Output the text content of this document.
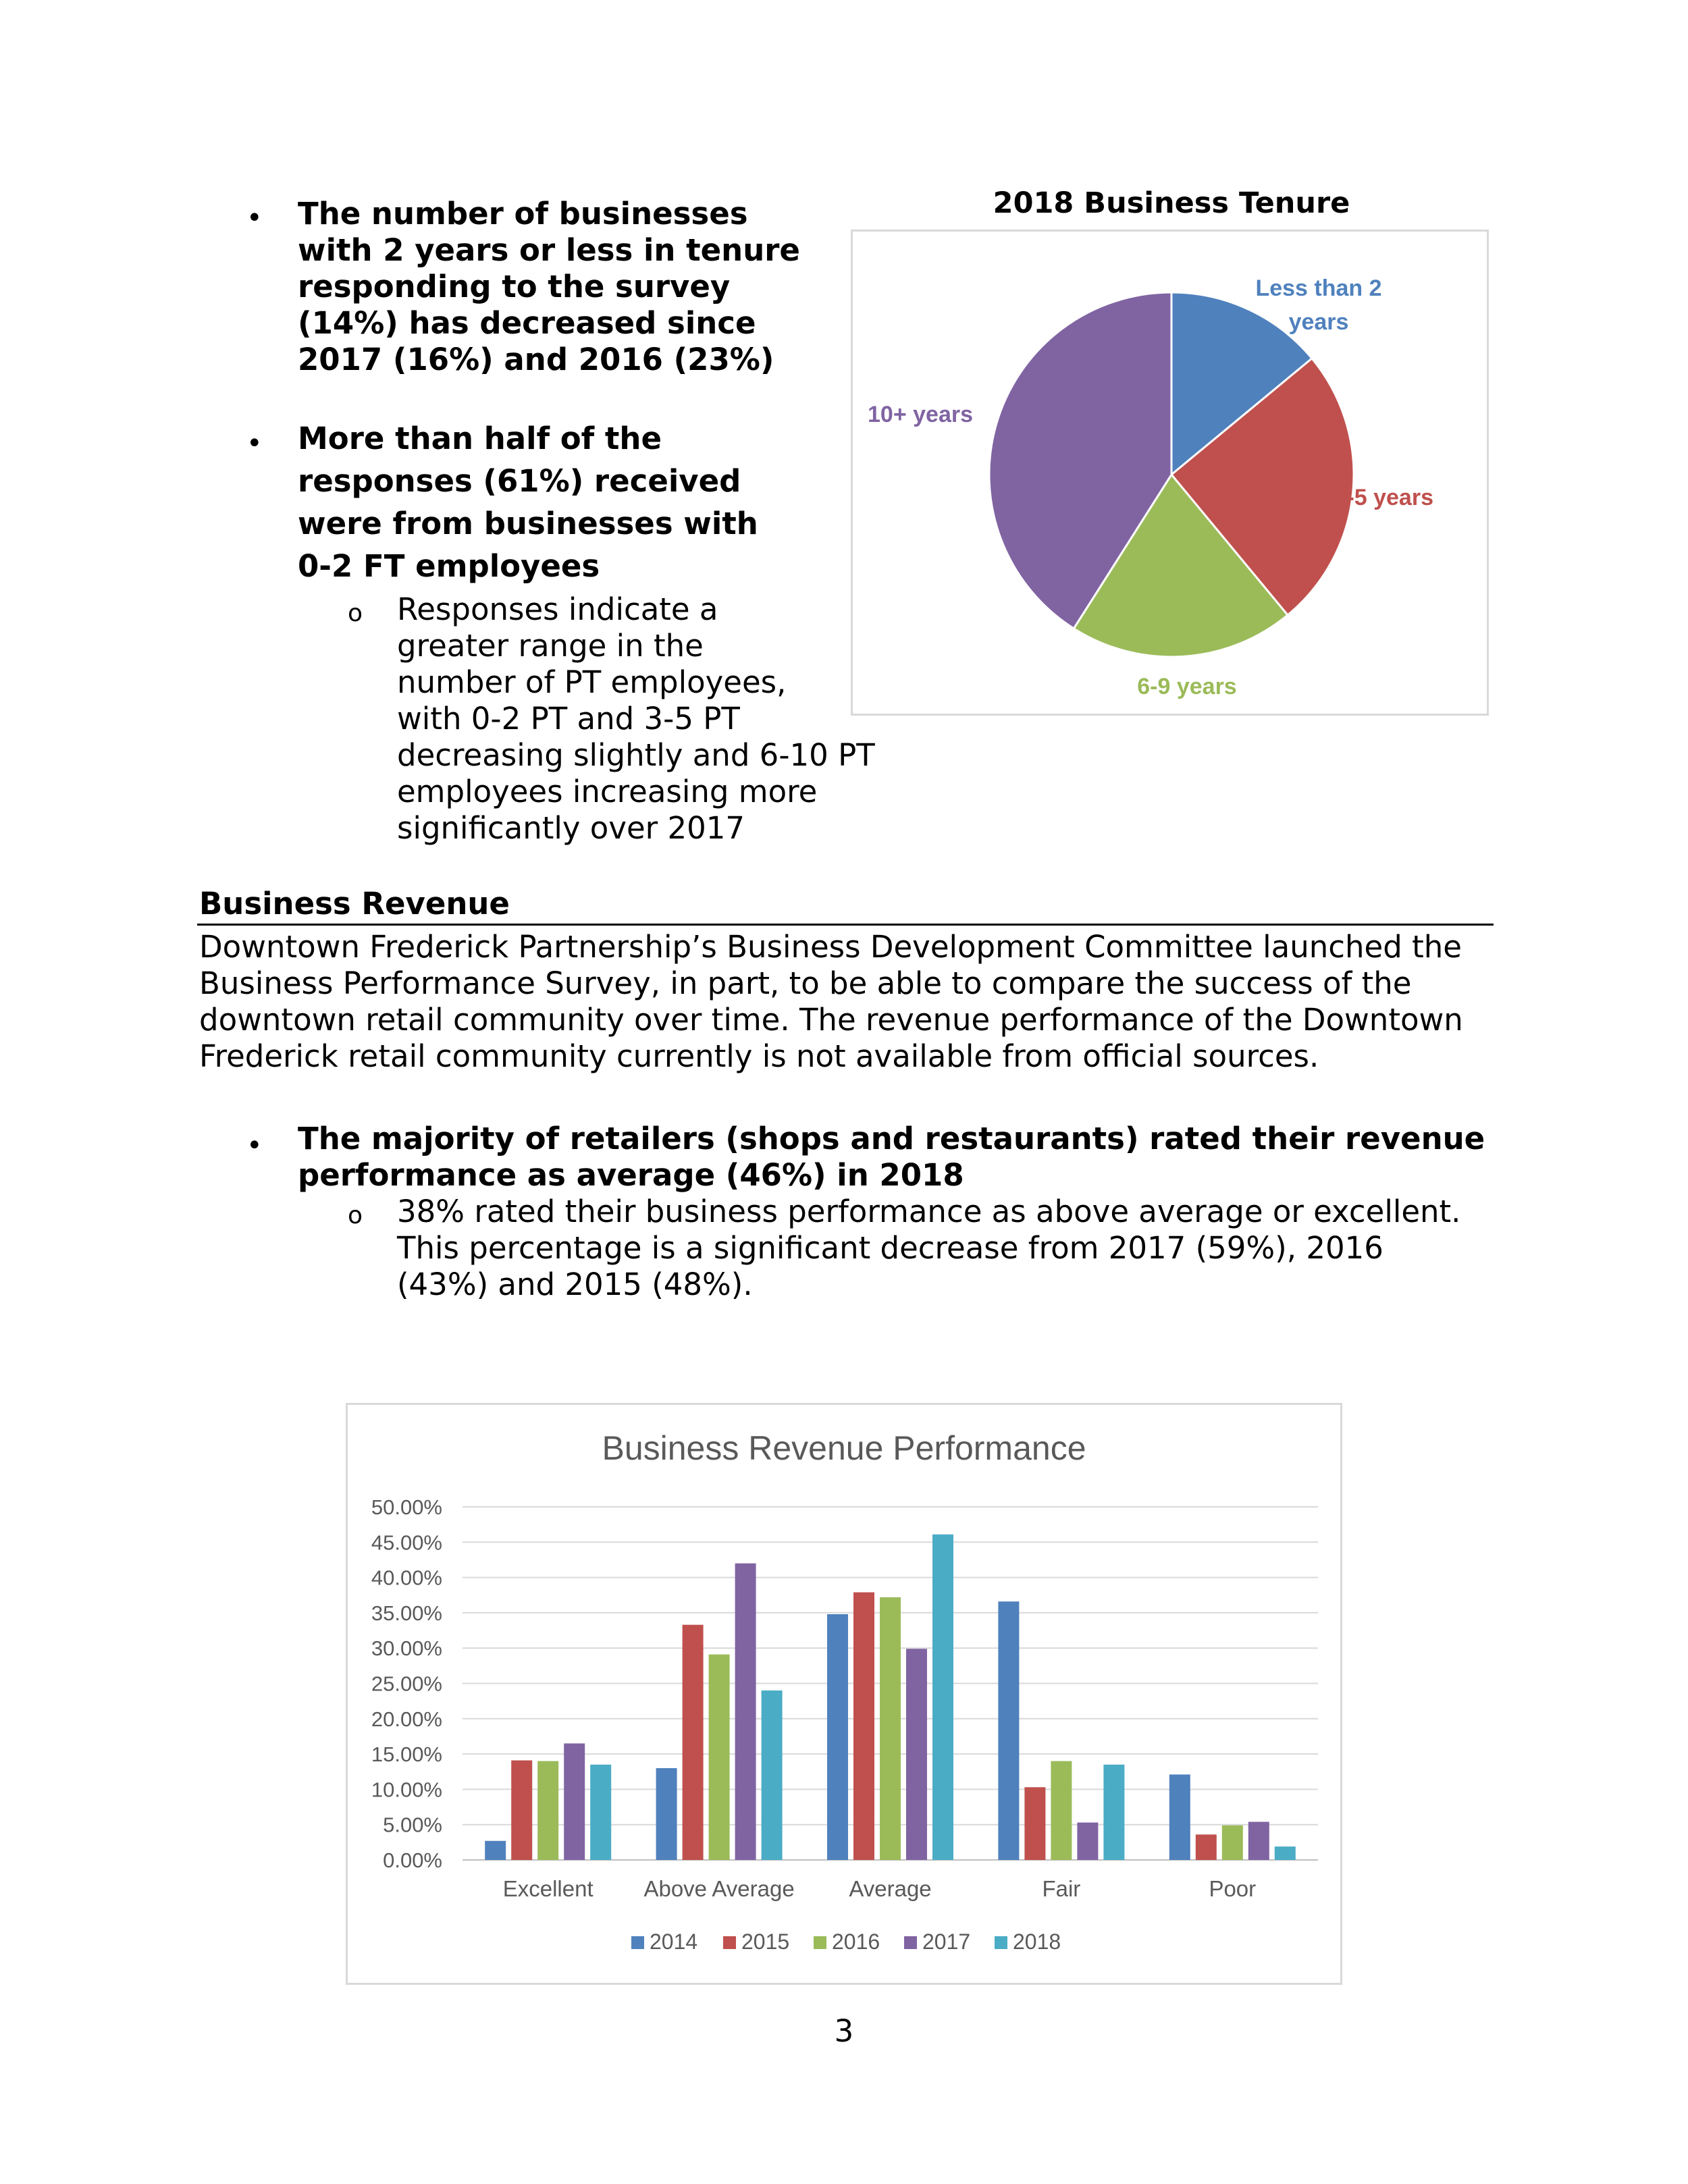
• The number of businesses
with 2 years or less in tenure
responding to the survey
(14%) has decreased since
2017 (16%) and 2016 (23%)
• More than half of the
responses (61%) received
were from businesses with
0-2 FT employees
o Responses indicate a
greater range in the
number of PT employees,
with 0-2 PT and 3-5 PT
decreasing slightly and 6-10 PT
employees increasing more
significantly over 2017
2018 Business Tenure
Less than 2 years
2-5 years
6-9 years
10+ years
Business Revenue
Downtown Frederick Partnership’s Business Development Committee launched the
Business Performance Survey, in part, to be able to compare the success of the
downtown retail community over time. The revenue performance of the Downtown
Frederick retail community currently is not available from official sources.
• The majority of retailers (shops and restaurants) rated their revenue
performance as average (46%) in 2018
o 38% rated their business performance as above average or excellent.
This percentage is a significant decrease from 2017 (59%), 2016
(43%) and 2015 (48%).
Business Revenue Performance
0.00%
5.00%
10.00%
15.00%
20.00%
25.00%
30.00%
35.00%
40.00%
45.00%
50.00%
Excellent Above Average Average	Fair	Poor
2014 2015 2016 2017 2018
3
